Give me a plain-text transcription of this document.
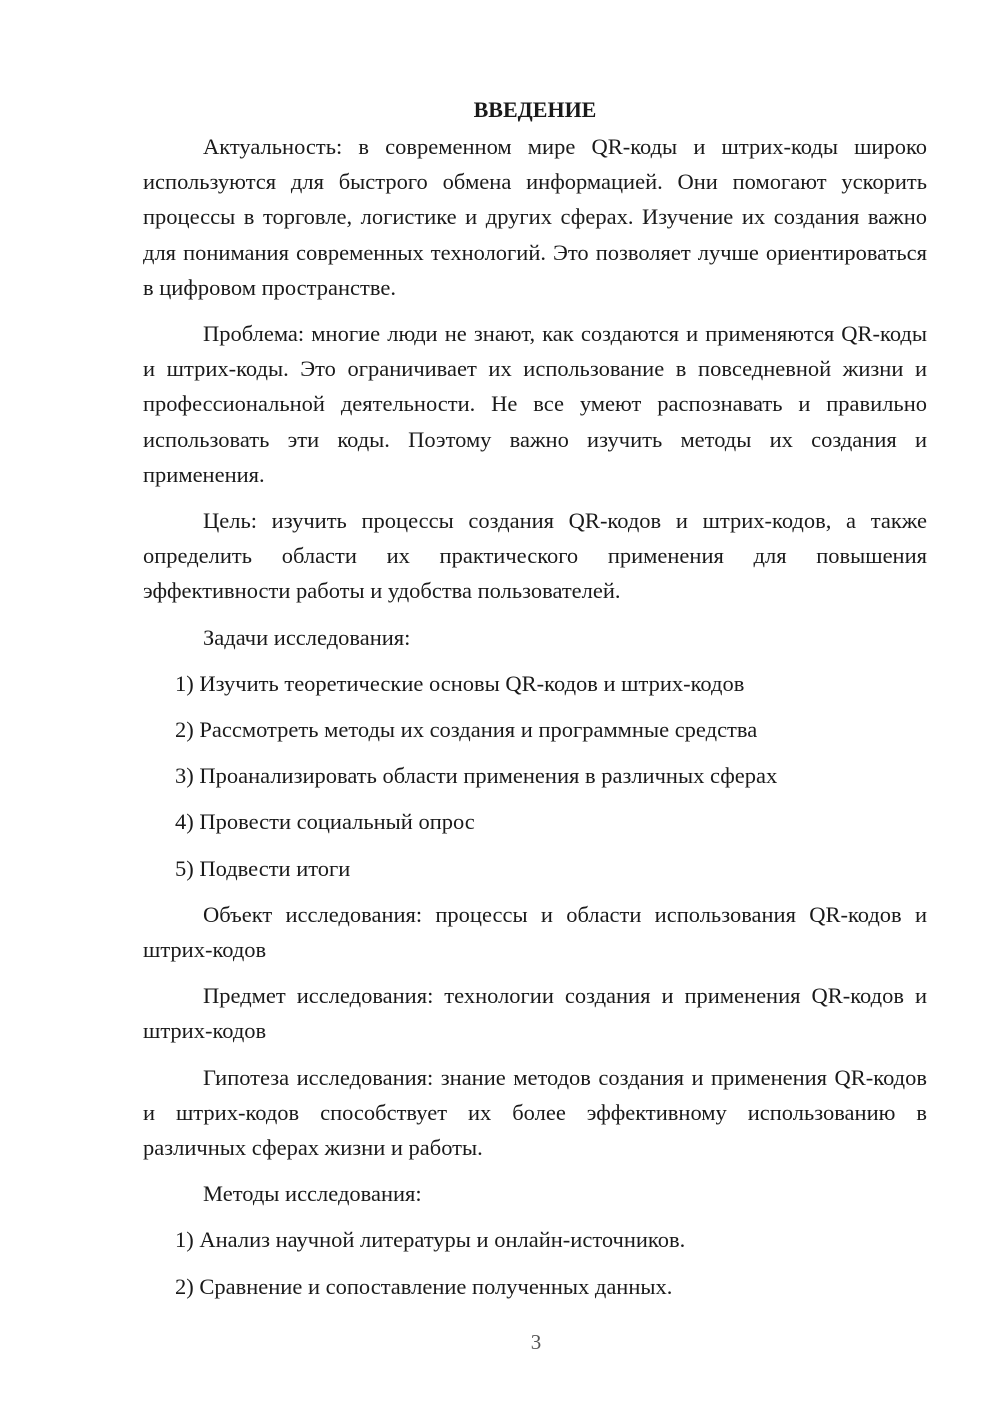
ВВЕДЕНИЕ

Актуальность: в современном мире QR-коды и штрих-коды широко используются для быстрого обмена информацией. Они помогают ускорить процессы в торговле, логистике и других сферах. Изучение их создания важно для понимания современных технологий. Это позволяет лучше ориентироваться в цифровом пространстве.

Проблема: многие люди не знают, как создаются и применяются QR-коды и штрих-коды. Это ограничивает их использование в повседневной жизни и профессиональной деятельности. Не все умеют распознавать и правильно использовать эти коды. Поэтому важно изучить методы их создания и применения.

Цель: изучить процессы создания QR-кодов и штрих-кодов, а также определить области их практического применения для повышения эффективности работы и удобства пользователей.

Задачи исследования:

1) Изучить теоретические основы QR-кодов и штрих-кодов
2) Рассмотреть методы их создания и программные средства
3) Проанализировать области применения в различных сферах
4) Провести социальный опрос
5) Подвести итоги

Объект исследования: процессы и области использования QR-кодов и штрих-кодов

Предмет исследования: технологии создания и применения QR-кодов и штрих-кодов

Гипотеза исследования: знание методов создания и применения QR-кодов и штрих-кодов способствует их более эффективному использованию в различных сферах жизни и работы.

Методы исследования:

1) Анализ научной литературы и онлайн-источников.
2) Сравнение и сопоставление полученных данных.
3
